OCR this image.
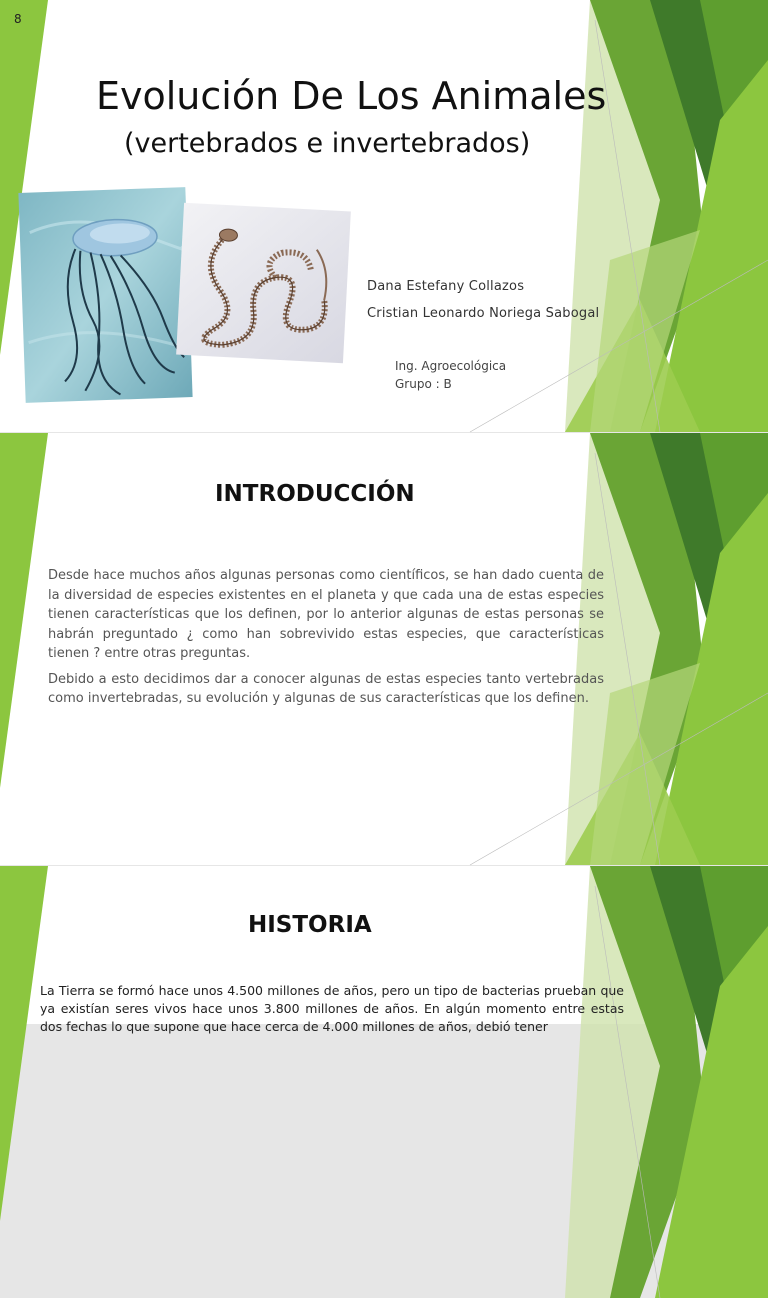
8
Evolución De Los Animales
(vertebrados e invertebrados)
Dana Estefany Collazos
Cristian Leonardo Noriega Sabogal
Ing. Agroecológica
Grupo : B
INTRODUCCIÓN

Desde hace muchos años algunas personas como científicos, se han dado cuenta de la diversidad de especies existentes en el planeta y que cada una de estas especies tienen características que los definen, por lo anterior algunas de estas personas se habrán preguntado ¿ como han sobrevivido estas especies, que características tienen ? entre otras preguntas.

Debido a esto decidimos dar a conocer algunas de estas especies tanto vertebradas como invertebradas, su evolución y algunas de sus características que los definen.

HISTORIA

La Tierra se formó hace unos 4.500 millones de años, pero un tipo de bacterias prueban que ya existían seres vivos hace unos 3.800 millones de años. En algún momento entre estas dos fechas lo que supone que hace cerca de 4.000 millones de años, debió tener
